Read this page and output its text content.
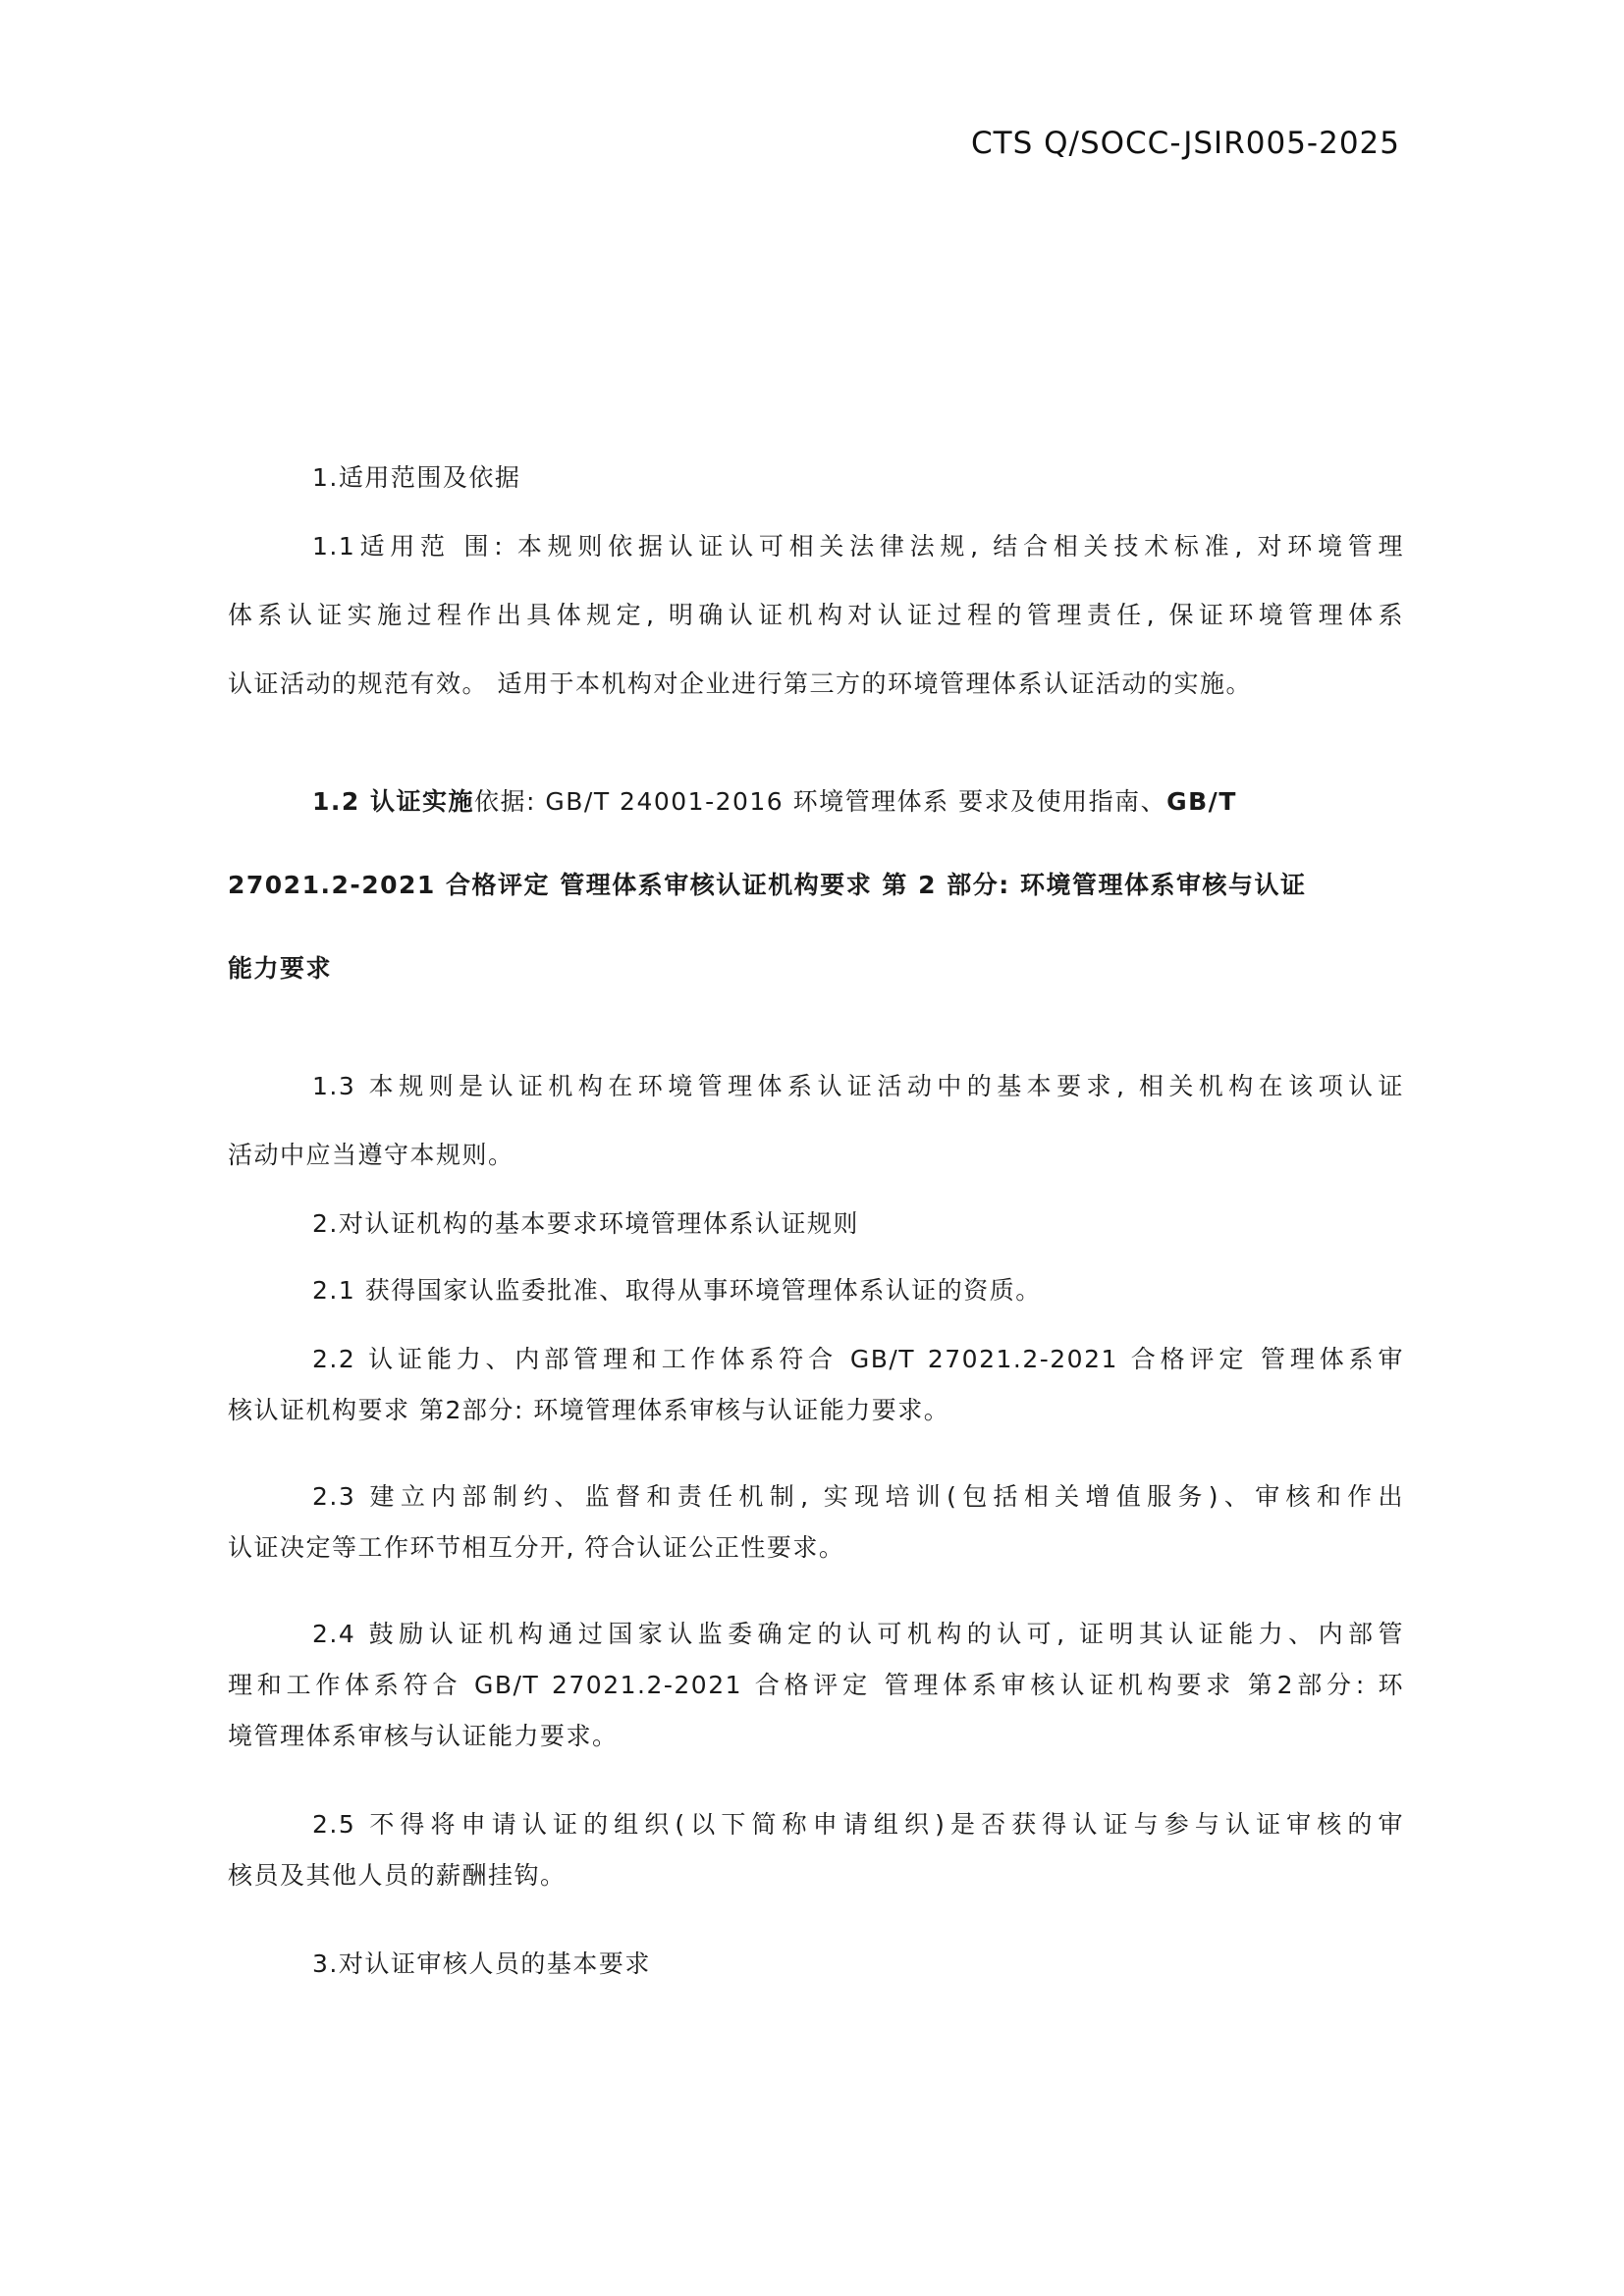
CTS Q/SOCC-JSIR005-2025
1.适用范围及依据
1.1适用范 围: 本规则依据认证认可相关法律法规, 结合相关技术标准, 对环境管理
体系认证实施过程作出具体规定, 明确认证机构对认证过程的管理责任, 保证环境管理体系
认证活动的规范有效。 适用于本机构对企业进行第三方的环境管理体系认证活动的实施。
1.2 认证实施依据: GB/T 24001-2016 环境管理体系 要求及使用指南、GB/T
27021.2-2021 合格评定 管理体系审核认证机构要求 第 2 部分: 环境管理体系审核与认证
能力要求
1.3 本规则是认证机构在环境管理体系认证活动中的基本要求, 相关机构在该项认证
活动中应当遵守本规则。
2.对认证机构的基本要求环境管理体系认证规则
2.1 获得国家认监委批准、取得从事环境管理体系认证的资质。
2.2 认证能力、内部管理和工作体系符合 GB/T 27021.2-2021 合格评定 管理体系审
核认证机构要求 第2部分: 环境管理体系审核与认证能力要求。
2.3 建立内部制约、监督和责任机制, 实现培训(包括相关增值服务)、审核和作出
认证决定等工作环节相互分开, 符合认证公正性要求。
2.4 鼓励认证机构通过国家认监委确定的认可机构的认可, 证明其认证能力、内部管
理和工作体系符合 GB/T 27021.2-2021 合格评定 管理体系审核认证机构要求 第2部分: 环
境管理体系审核与认证能力要求。
2.5 不得将申请认证的组织(以下简称申请组织)是否获得认证与参与认证审核的审
核员及其他人员的薪酬挂钩。
3.对认证审核人员的基本要求
